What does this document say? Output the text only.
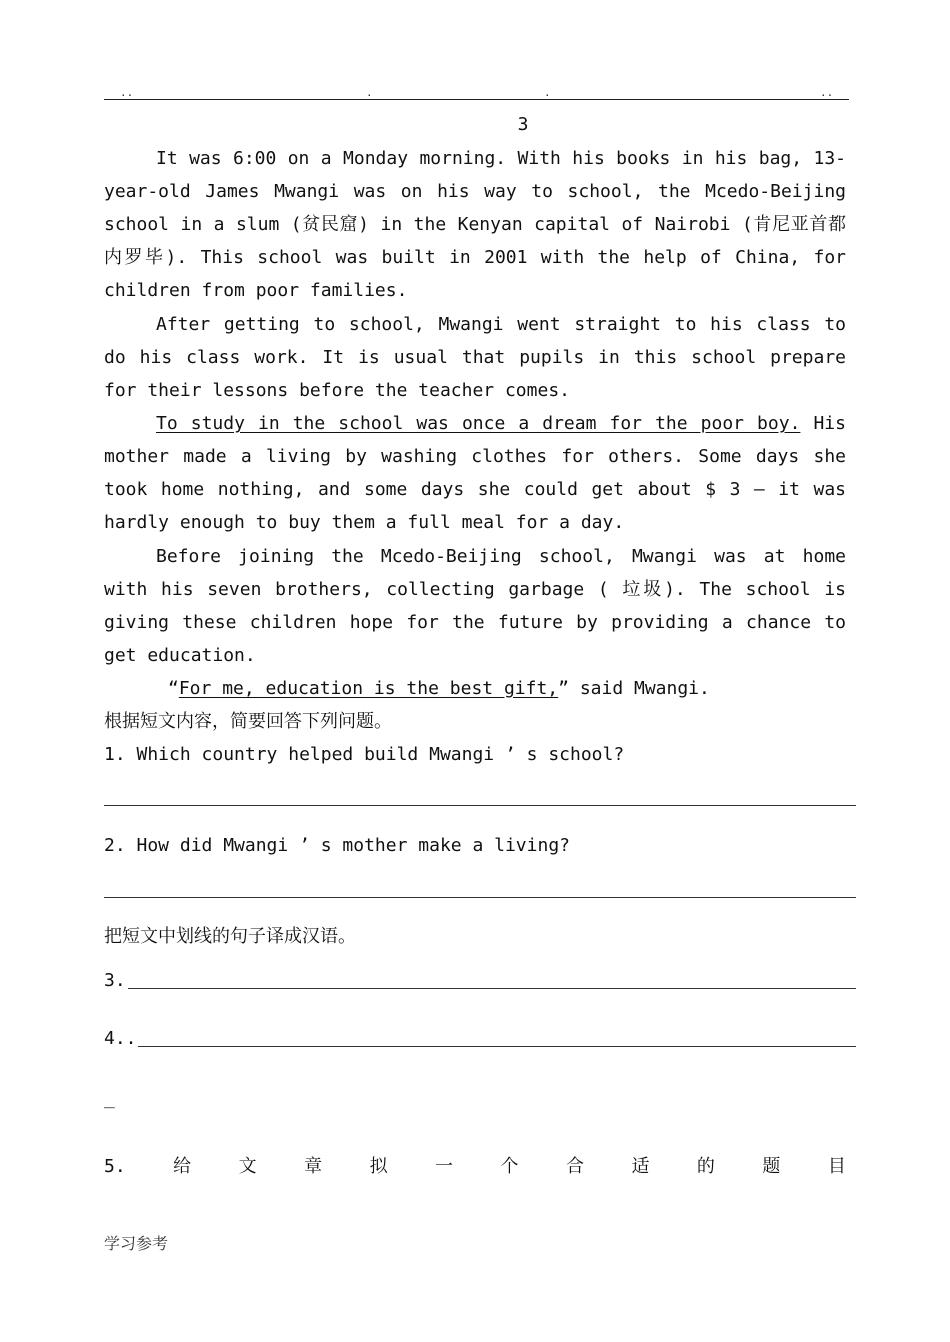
..	.	.	..
3

It was 6:00 on a Monday morning. With his books in his bag, 13-year-old James Mwangi was on his way to school, the Mcedo-Beijing school in a slum (贫民窟) in the Kenyan capital of Nairobi (肯尼亚首都内罗毕). This school was built in 2001 with the help of China, for children from poor families.

After getting to school, Mwangi went straight to his class to do his class work. It is usual that pupils in this school prepare for their lessons before the teacher comes.

To study in the school was once a dream for the poor boy. His mother made a living by washing clothes for others. Some days she took home nothing, and some days she could get about $ 3 — it was hardly enough to buy them a full meal for a day.

Before joining the Mcedo-Beijing school, Mwangi was at home with his seven brothers, collecting garbage ( 垃圾). The school is giving these children hope for the future by providing a chance to get education.

“For me, education is the best gift,” said Mwangi.

根据短文内容，简要回答下列问题。
1. Which country helped build Mwangi ’ s school?
2. How did Mwangi ’ s mother make a living?
把短文中划线的句子译成汉语。
3.
4..
_
5.	给	文	章	拟	一	个	合	适	的	题	目
学习参考
